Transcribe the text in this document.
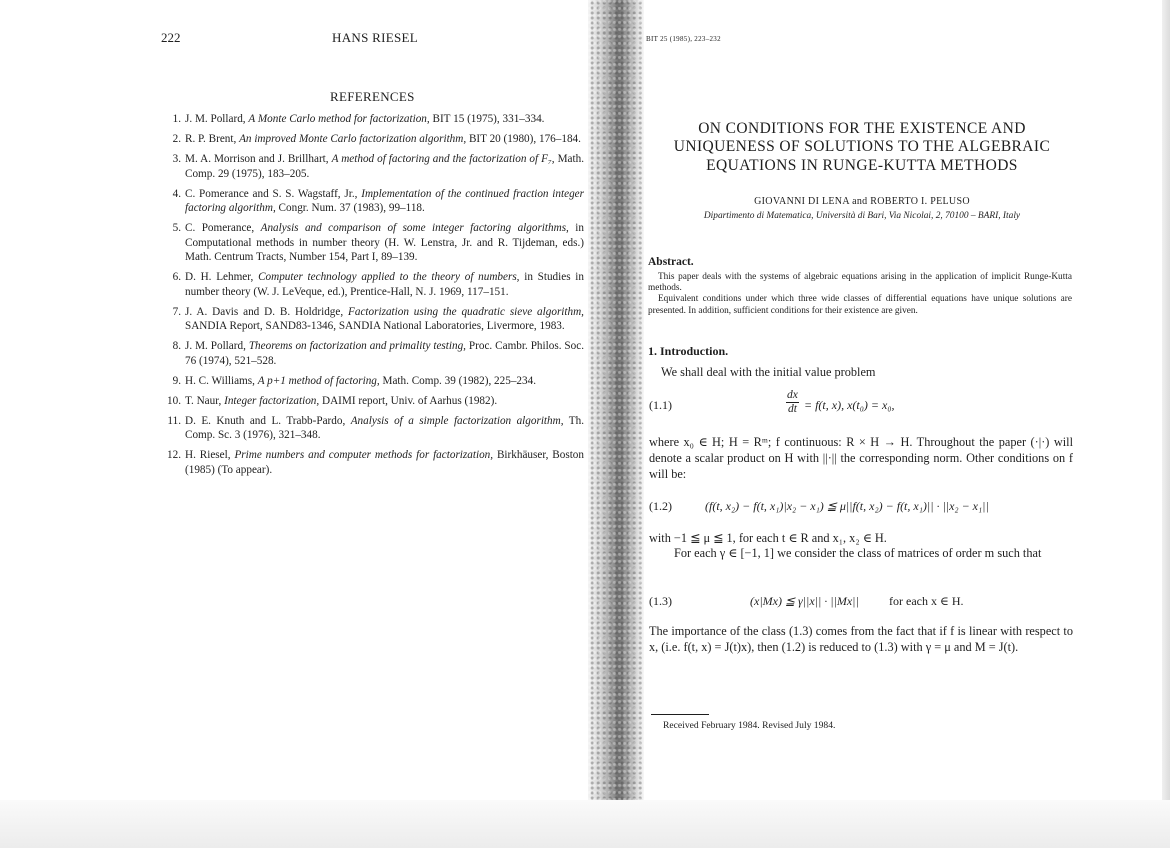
222	HANS RIESEL
REFERENCES
1. J. M. Pollard, A Monte Carlo method for factorization, BIT 15 (1975), 331–334.
2. R. P. Brent, An improved Monte Carlo factorization algorithm, BIT 20 (1980), 176–184.
3. M. A. Morrison and J. Brillhart, A method of factoring and the factorization of F₇, Math. Comp. 29 (1975), 183–205.
4. C. Pomerance and S. S. Wagstaff, Jr., Implementation of the continued fraction integer factoring algorithm, Congr. Num. 37 (1983), 99–118.
5. C. Pomerance, Analysis and comparison of some integer factoring algorithms, in Computational methods in number theory (H. W. Lenstra, Jr. and R. Tijdeman, eds.) Math. Centrum Tracts, Number 154, Part I, 89–139.
6. D. H. Lehmer, Computer technology applied to the theory of numbers, in Studies in number theory (W. J. LeVeque, ed.), Prentice-Hall, N. J. 1969, 117–151.
7. J. A. Davis and D. B. Holdridge, Factorization using the quadratic sieve algorithm, SANDIA Report, SAND83-1346, SANDIA National Laboratories, Livermore, 1983.
8. J. M. Pollard, Theorems on factorization and primality testing, Proc. Cambr. Philos. Soc. 76 (1974), 521–528.
9. H. C. Williams, A p+1 method of factoring, Math. Comp. 39 (1982), 225–234.
10. T. Naur, Integer factorization, DAIMI report, Univ. of Aarhus (1982).
11. D. E. Knuth and L. Trabb-Pardo, Analysis of a simple factorization algorithm, Th. Comp. Sc. 3 (1976), 321–348.
12. H. Riesel, Prime numbers and computer methods for factorization, Birkhäuser, Boston (1985) (To appear).
BIT 25 (1985), 223–232
ON CONDITIONS FOR THE EXISTENCE AND
UNIQUENESS OF SOLUTIONS TO THE ALGEBRAIC
EQUATIONS IN RUNGE-KUTTA METHODS
GIOVANNI DI LENA and ROBERTO I. PELUSO
Dipartimento di Matematica, Università di Bari, Via Nicolai, 2, 70100 – BARI, Italy
Abstract.

This paper deals with the systems of algebraic equations arising in the application of implicit Runge-Kutta methods.

Equivalent conditions under which three wide classes of differential equations have unique solutions are presented. In addition, sufficient conditions for their existence are given.

1. Introduction.
We shall deal with the initial value problem
(1.1)	$\frac{dx}{dt} = f(t$, x), x(t₀) = x₀,
where x₀ ∈ H; H = Rᵐ; f continuous: R × H → H. Throughout the paper (·|·) will denote a scalar product on H with ||·|| the corresponding norm. Other conditions on f will be:
(1.2)	(f(t, x₂) − f(t, x₁)|x₂ − x₁) ≦ μ||f(t, x₂) − f(t, x₁)|| · ||x₂ − x₁||
with −1 ≦ μ ≦ 1, for each t ∈ R and x₁, x₂ ∈ H.
For each γ ∈ [−1, 1] we consider the class of matrices of order m such that
(1.3)	(x|Mx) ≦ γ||x|| · ||Mx||	for each x ∈ H.
The importance of the class (1.3) comes from the fact that if f is linear with respect to x, (i.e. f(t, x) = J(t)x), then (1.2) is reduced to (1.3) with γ = μ and M = J(t).
Received February 1984. Revised July 1984.
